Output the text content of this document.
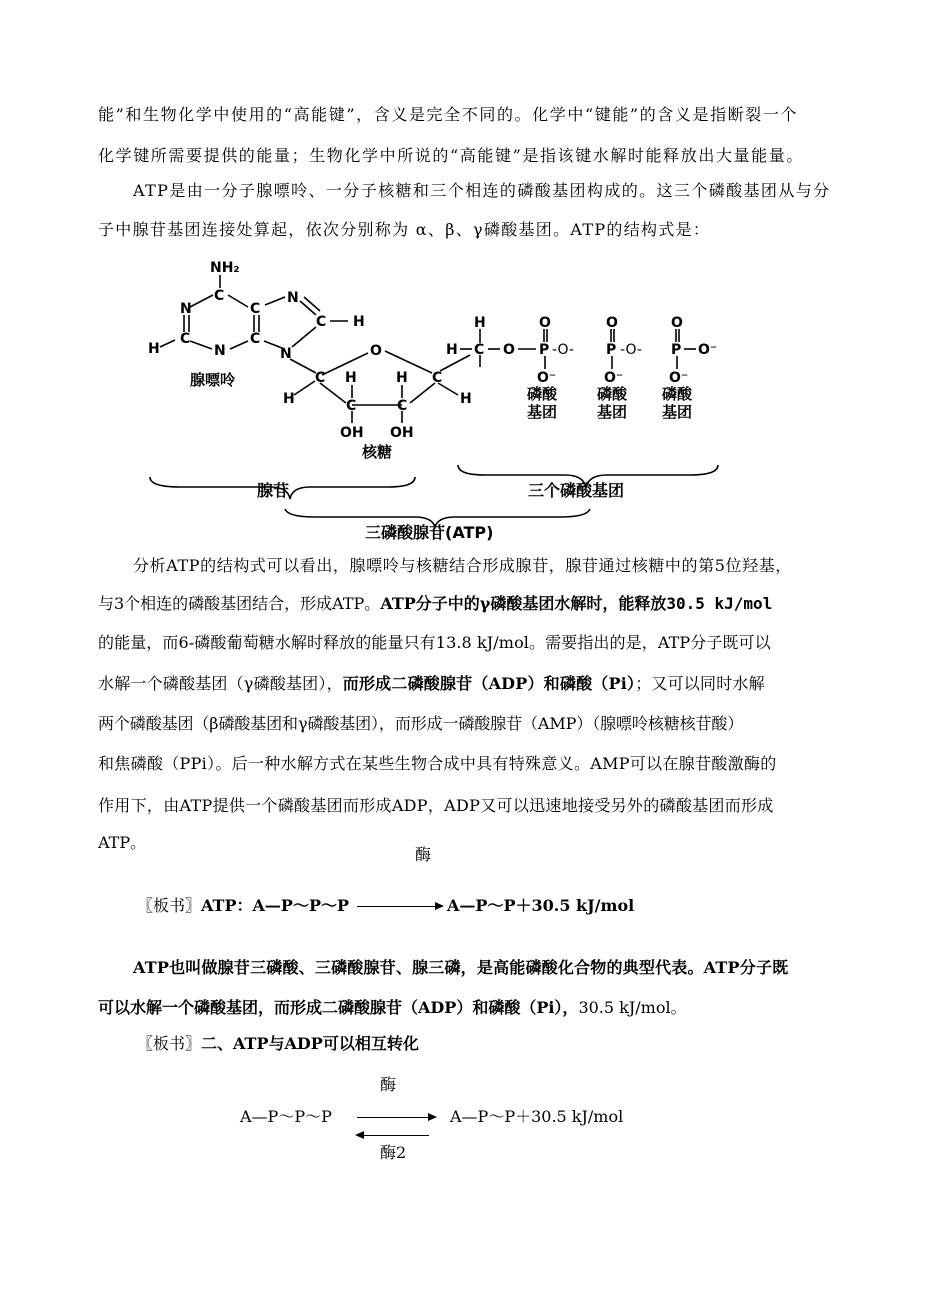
能”和生物化学中使用的“高能键”，含义是完全不同的。化学中“键能”的含义是指断裂一个
化学键所需要提供的能量；生物化学中所说的“高能键”是指该键水解时能释放出大量能量。
ATP是由一分子腺嘌呤、一分子核糖和三个相连的磷酸基团构成的。这三个磷酸基团从与分
子中腺苷基团连接处算起，依次分别称为 α、β、γ磷酸基团。ATP的结构式是：
NH₂
C
N	C
N
C	C
C H
H	N	N	O
C	C
H	H
H	H
C	C
OH OH
H
H C O
O
P
O⁻
-O-
O
P
O⁻
-O-
O
P
O⁻
O⁻
腺嘌呤
核糖
磷酸
基团
磷酸
基团
磷酸
基团
腺苷	三个磷酸基团
三磷酸腺苷(ATP)
分析ATP的结构式可以看出，腺嘌呤与核糖结合形成腺苷，腺苷通过核糖中的第5位羟基，
与3个相连的磷酸基团结合，形成ATP。ATP分子中的γ磷酸基团水解时，能释放30.5 kJ/mol
的能量，而6-磷酸葡萄糖水解时释放的能量只有13.8 kJ/mol。需要指出的是，ATP分子既可以
水解一个磷酸基团（γ磷酸基团），而形成二磷酸腺苷（ADP）和磷酸（Pi）；又可以同时水解
两个磷酸基团（β磷酸基团和γ磷酸基团），而形成一磷酸腺苷（AMP）（腺嘌呤核糖核苷酸）
和焦磷酸（PPi）。后一种水解方式在某些生物合成中具有特殊意义。AMP可以在腺苷酸激酶的
作用下，由ATP提供一个磷酸基团而形成ADP，ADP又可以迅速地接受另外的磷酸基团而形成
ATP。
酶
〖板书〗ATP：A—P～P～P	A—P～P＋30.5 kJ/mol
ATP也叫做腺苷三磷酸、三磷酸腺苷、腺三磷，是高能磷酸化合物的典型代表。ATP分子既
可以水解一个磷酸基团，而形成二磷酸腺苷（ADP）和磷酸（Pi），30.5 kJ/mol。
〖板书〗二、ATP与ADP可以相互转化
酶
A—P～P～P	A—P～P＋30.5 kJ/mol
酶2
